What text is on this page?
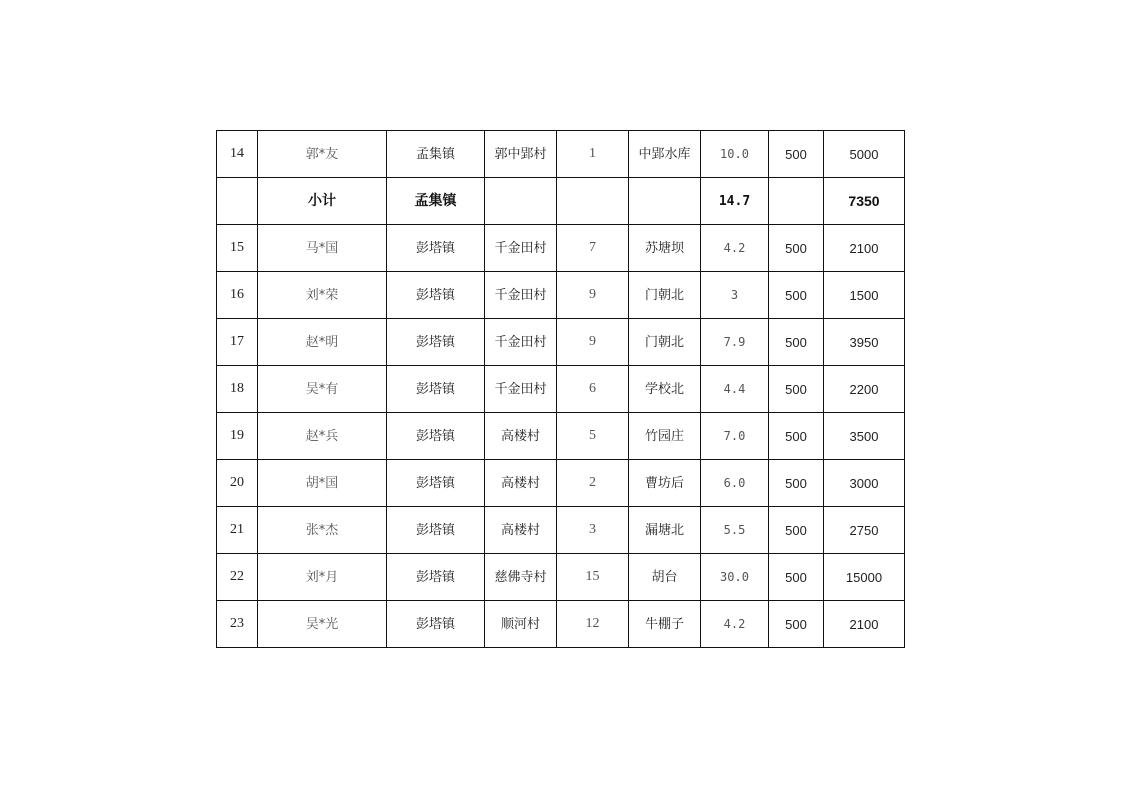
14	郭*友	孟集镇	郭中郢村	1	中郢水库	10.0	500	5000
	小计	孟集镇				14.7		7350
15	马*国	彭塔镇	千金田村	7	苏塘坝	4.2	500	2100
16	刘*荣	彭塔镇	千金田村	9	门朝北	3	500	1500
17	赵*明	彭塔镇	千金田村	9	门朝北	7.9	500	3950
18	吴*有	彭塔镇	千金田村	6	学校北	4.4	500	2200
19	赵*兵	彭塔镇	高楼村	5	竹园庄	7.0	500	3500
20	胡*国	彭塔镇	高楼村	2	曹坊后	6.0	500	3000
21	张*杰	彭塔镇	高楼村	3	漏塘北	5.5	500	2750
22	刘*月	彭塔镇	慈佛寺村	15	胡台	30.0	500	15000
23	吴*光	彭塔镇	顺河村	12	牛棚子	4.2	500	2100
